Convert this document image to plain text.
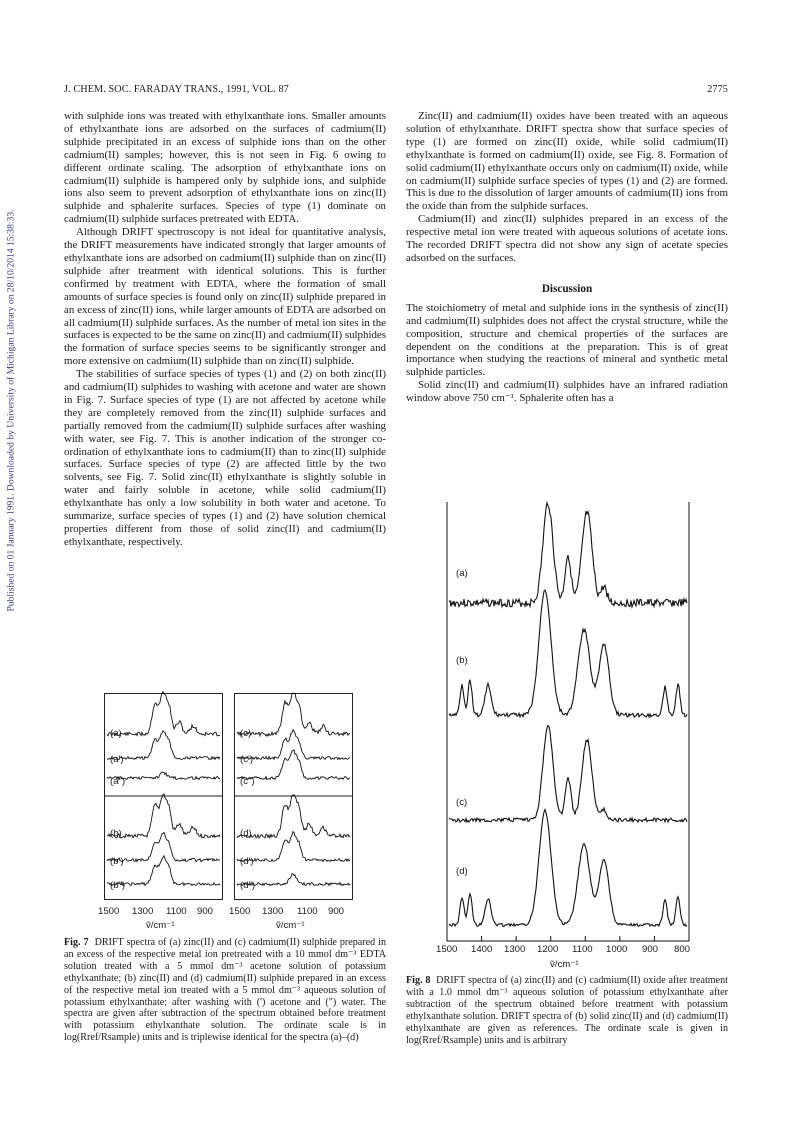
Published on 01 January 1991. Downloaded by University of Michigan Library on 28/10/2014 15:38:33.
J. CHEM. SOC. FARADAY TRANS., 1991, VOL. 87	2775

with sulphide ions was treated with ethylxanthate ions. Smaller amounts of ethylxanthate ions are adsorbed on the surfaces of cadmium(II) sulphide precipitated in an excess of sulphide ions than on the other cadmium(II) samples; however, this is not seen in Fig. 6 owing to different ordinate scaling. The adsorption of ethylxanthate ions on cadmium(II) sulphide is hampered only by sulphide ions, and sulphide ions also seem to prevent adsorption of ethylxanthate ions on zinc(II) sulphide and sphalerite surfaces. Species of type (1) dominate on cadmium(II) sulphide surfaces pretreated with EDTA.

Although DRIFT spectroscopy is not ideal for quantitative analysis, the DRIFT measurements have indicated strongly that larger amounts of ethylxanthate ions are adsorbed on cadmium(II) sulphide than on zinc(II) sulphide after treatment with identical solutions. This is further confirmed by treatment with EDTA, where the formation of small amounts of surface species is found only on zinc(II) sulphide prepared in an excess of zinc(II) ions, while larger amounts of EDTA are adsorbed on all cadmium(II) sulphide surfaces. As the number of metal ion sites in the surfaces is expected to be the same on zinc(II) and cadmium(II) sulphides the formation of surface species seems to be significantly stronger and more extensive on cadmium(II) sulphide than on zinc(II) sulphide.

The stabilities of surface species of types (1) and (2) on both zinc(II) and cadmium(II) sulphides to washing with acetone and water are shown in Fig. 7. Surface species of type (1) are not affected by acetone while they are completely removed from the zinc(II) sulphide surfaces and partially removed from the cadmium(II) sulphide surfaces after washing with water, see Fig. 7. This is another indication of the stronger co-ordination of ethylxanthate ions to cadmium(II) than to zinc(II) sulphide surfaces. Surface species of type (2) are affected little by the two solvents, see Fig. 7. Solid zinc(II) ethylxanthate is slightly soluble in water and fairly soluble in acetone, while solid cadmium(II) ethylxanthate has only a low solubility in both water and acetone. To summarize, surface species of types (1) and (2) have solution chemical properties different from those of solid zinc(II) and cadmium(II) ethylxanthate, respectively.

Zinc(II) and cadmium(II) oxides have been treated with an aqueous solution of ethylxanthate. DRIFT spectra show that surface species of type (1) are formed on zinc(II) oxide, while solid cadmium(II) ethylxanthate is formed on cadmium(II) oxide, see Fig. 8. Formation of solid cadmium(II) ethylxanthate occurs only on cadmium(II) oxide, while on cadmium(II) sulphide surface species of types (1) and (2) are formed. This is due to the dissolution of larger amounts of cadmium(II) ions from the oxide than from the sulphide surfaces.

Cadmium(II) and zinc(II) sulphides prepared in an excess of the respective metal ion were treated with aqueous solutions of acetate ions. The recorded DRIFT spectra did not show any sign of acetate species adsorbed on the surfaces.

Discussion

The stoichiometry of metal and sulphide ions in the synthesis of zinc(II) and cadmium(II) sulphides does not affect the crystal structure, while the composition, structure and chemical properties of the surfaces are dependent on the conditions at the preparation. This is of great importance when studying the reactions of mineral and synthetic metal sulphide particles.

Solid zinc(II) and cadmium(II) sulphides have an infrared radiation window above 750 cm⁻¹. Sphalerite often has a

(a)
(a')
(a")
(b)
(b')
(b")
(c)
(c')
(c")
(d)
(d')
(d")
1500 1300 1100 900 1500 1300 1100 900
ṽ/cm⁻¹	ṽ/cm⁻¹
Fig. 7 DRIFT spectra of (a) zinc(II) and (c) cadmium(II) sulphide prepared in an excess of the respective metal ion pretreated with a 10 mmol dm⁻³ EDTA solution treated with a 5 mmol dm⁻³ acetone solution of potassium ethylxanthate; (b) zinc(II) and (d) cadmium(II) sulphide prepared in an excess of the respective metal ion treated with a 5 mmol dm⁻³ aqueous solution of potassium ethylxanthate; after washing with (') acetone and (") water. The spectra are given after subtraction of the spectrum obtained before treatment with potassium ethylxanthate solution. The ordinate scale is in log(Rref/Rsample) units and is triplewise identical for the spectra (a)–(d)
(a)
(b)
(c)
(d)
1500 1400 1300 1200 1100 1000 900 800
ṽ/cm⁻¹
Fig. 8 DRIFT spectra of (a) zinc(II) and (c) cadmium(II) oxide after treatment with a 1.0 mmol dm⁻³ aqueous solution of potassium ethylxanthate after subtraction of the spectrum obtained before treatment with potassium ethylxanthate solution. DRIFT spectra of (b) solid zinc(II) and (d) cadmium(II) ethylxanthate are given as references. The ordinate scale is given in log(Rref/Rsample) units and is arbitrary
